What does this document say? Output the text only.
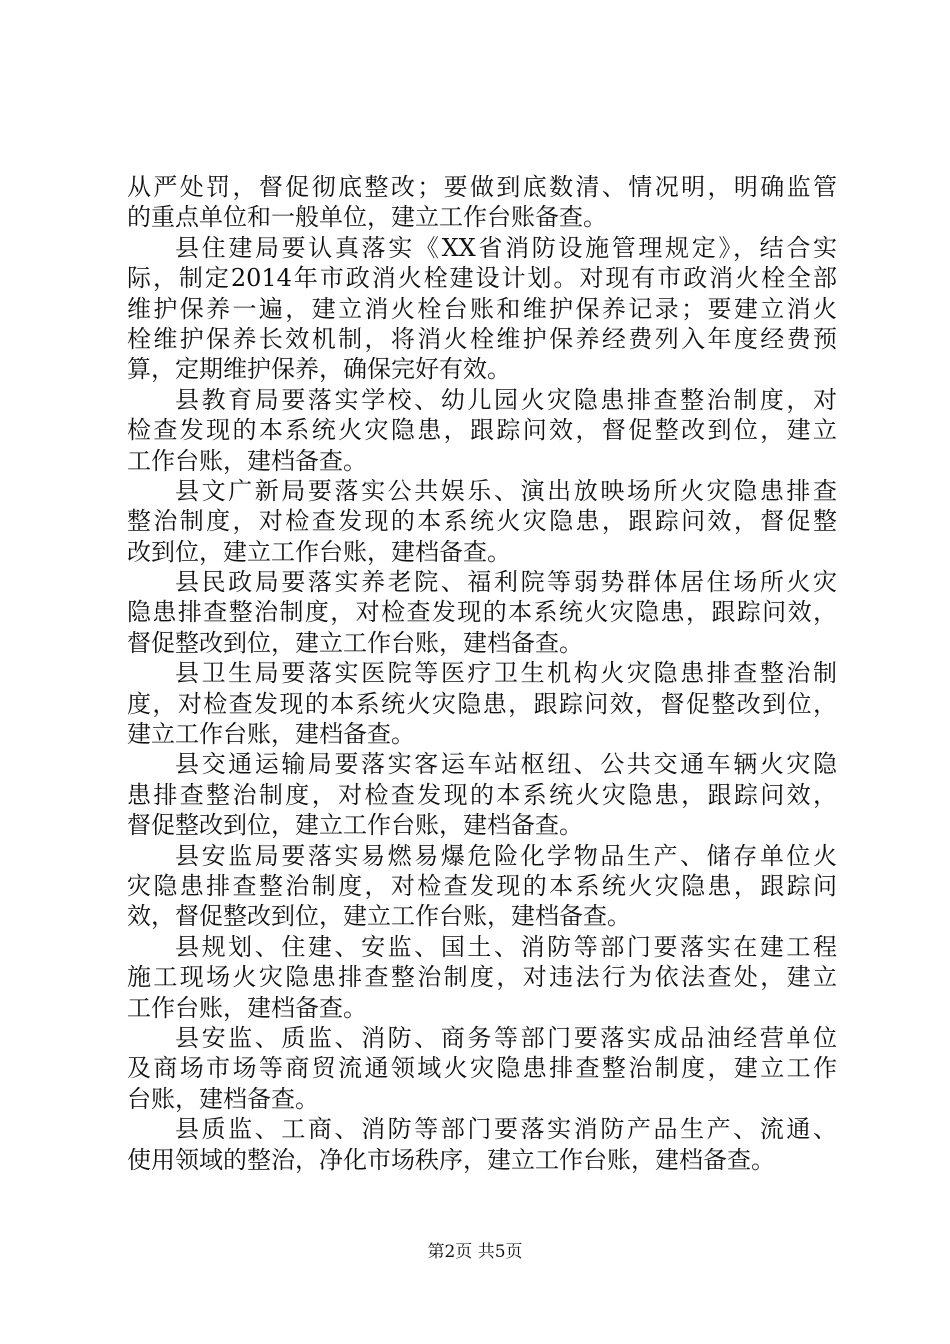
从严处罚，督促彻底整改；要做到底数清、情况明，明确监管
的重点单位和一般单位，建立工作台账备查。
县住建局要认真落实《XX省消防设施管理规定》，结合实
际，制定2014年市政消火栓建设计划。对现有市政消火栓全部
维护保养一遍，建立消火栓台账和维护保养记录；要建立消火
栓维护保养长效机制，将消火栓维护保养经费列入年度经费预
算，定期维护保养，确保完好有效。
县教育局要落实学校、幼儿园火灾隐患排查整治制度，对
检查发现的本系统火灾隐患，跟踪问效，督促整改到位，建立
工作台账，建档备查。
县文广新局要落实公共娱乐、演出放映场所火灾隐患排查
整治制度，对检查发现的本系统火灾隐患，跟踪问效，督促整
改到位，建立工作台账，建档备查。
县民政局要落实养老院、福利院等弱势群体居住场所火灾
隐患排查整治制度，对检查发现的本系统火灾隐患，跟踪问效，
督促整改到位，建立工作台账，建档备查。
县卫生局要落实医院等医疗卫生机构火灾隐患排查整治制
度，对检查发现的本系统火灾隐患，跟踪问效，督促整改到位，
建立工作台账，建档备查。
县交通运输局要落实客运车站枢纽、公共交通车辆火灾隐
患排查整治制度，对检查发现的本系统火灾隐患，跟踪问效，
督促整改到位，建立工作台账，建档备查。
县安监局要落实易燃易爆危险化学物品生产、储存单位火
灾隐患排查整治制度，对检查发现的本系统火灾隐患，跟踪问
效，督促整改到位，建立工作台账，建档备查。
县规划、住建、安监、国土、消防等部门要落实在建工程
施工现场火灾隐患排查整治制度，对违法行为依法查处，建立
工作台账，建档备查。
县安监、质监、消防、商务等部门要落实成品油经营单位
及商场市场等商贸流通领域火灾隐患排查整治制度，建立工作
台账，建档备查。
县质监、工商、消防等部门要落实消防产品生产、流通、
使用领域的整治，净化市场秩序，建立工作台账，建档备查。
第2页 共5页
